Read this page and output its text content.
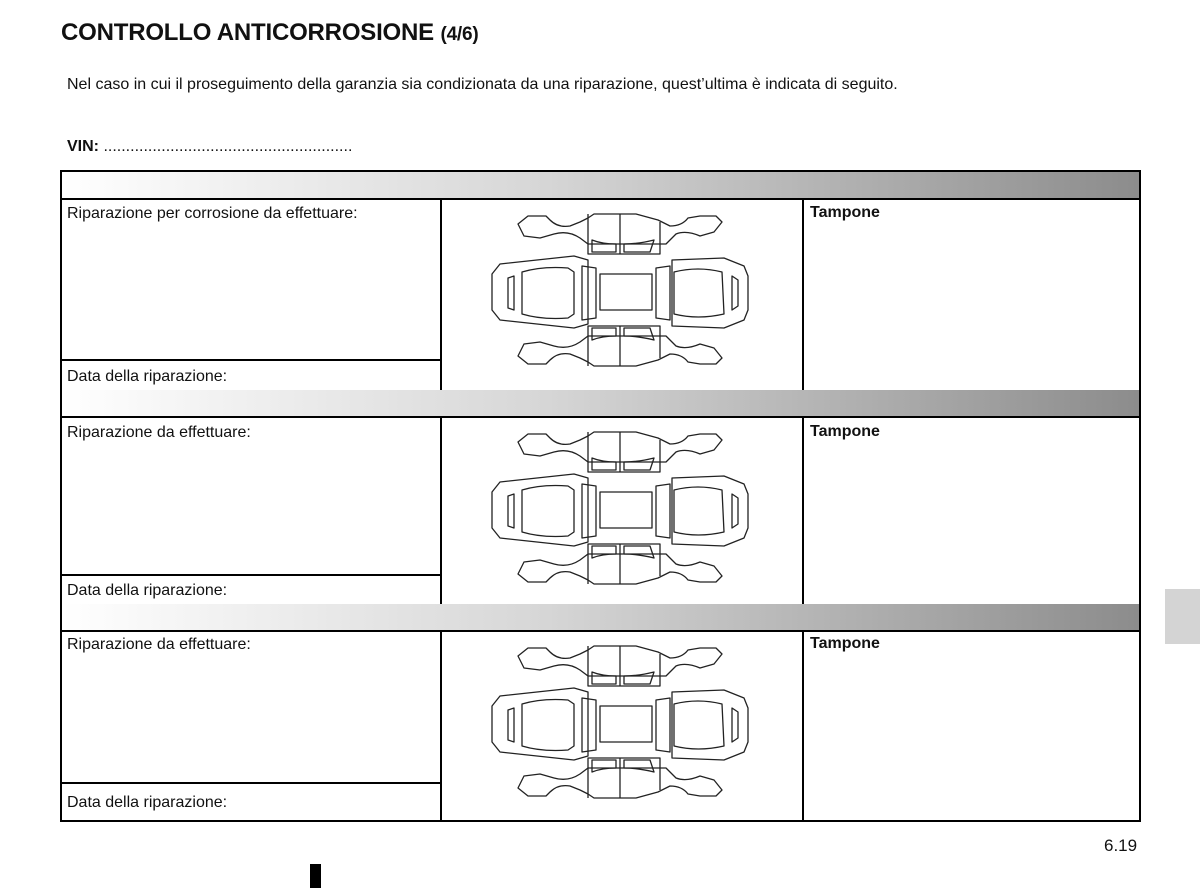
CONTROLLO ANTICORROSIONE (4/6)
Nel caso in cui il proseguimento della garanzia sia condizionata da una riparazione, quest’ultima è indicata di seguito.
VIN: ........................................................
Riparazione per corrosione da effettuare:
Data della riparazione:
Tampone
Riparazione da effettuare:
Data della riparazione:
Tampone
Riparazione da effettuare:
Data della riparazione:
Tampone
6.19
